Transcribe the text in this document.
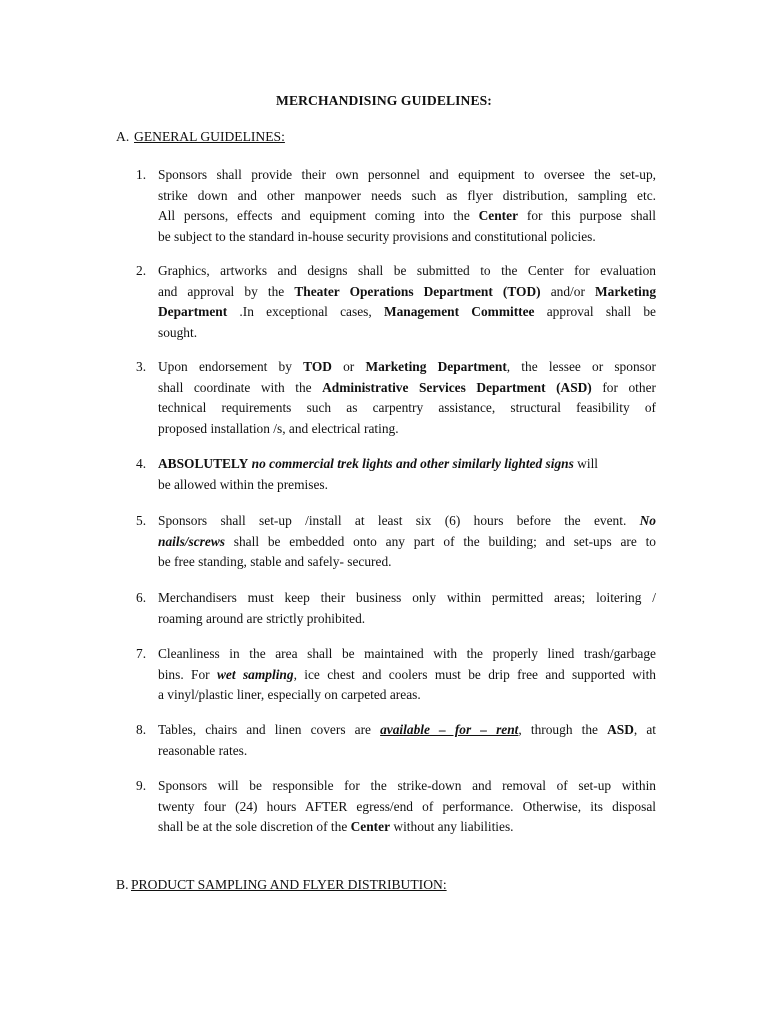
MERCHANDISING GUIDELINES:
A. GENERAL GUIDELINES:
1. Sponsors shall provide their own personnel and equipment to oversee the set-up,
strike down and other manpower needs such as flyer distribution, sampling etc.
All persons, effects and equipment coming into the Center for this purpose shall
be subject to the standard in-house security provisions and constitutional policies.
2. Graphics, artworks and designs shall be submitted to the Center for evaluation
and approval by the Theater Operations Department (TOD) and/or Marketing
Department .In exceptional cases, Management Committee approval shall be
sought.
3. Upon endorsement by TOD or Marketing Department, the lessee or sponsor
shall coordinate with the Administrative Services Department (ASD) for other
technical requirements such as carpentry assistance, structural feasibility of
proposed installation /s, and electrical rating.
4. ABSOLUTELY no commercial trek lights and other similarly lighted signs will
be allowed within the premises.
5. Sponsors shall set-up /install at least six (6) hours before the event. No
nails/screws shall be embedded onto any part of the building; and set-ups are to
be free standing, stable and safely- secured.
6. Merchandisers must keep their business only within permitted areas; loitering /
roaming around are strictly prohibited.
7. Cleanliness in the area shall be maintained with the properly lined trash/garbage
bins. For wet sampling, ice chest and coolers must be drip free and supported with
a vinyl/plastic liner, especially on carpeted areas.
8. Tables, chairs and linen covers are available – for – rent, through the ASD, at
reasonable rates.
9. Sponsors will be responsible for the strike-down and removal of set-up within
twenty four (24) hours AFTER egress/end of performance. Otherwise, its disposal
shall be at the sole discretion of the Center without any liabilities.
B. PRODUCT SAMPLING AND FLYER DISTRIBUTION:
